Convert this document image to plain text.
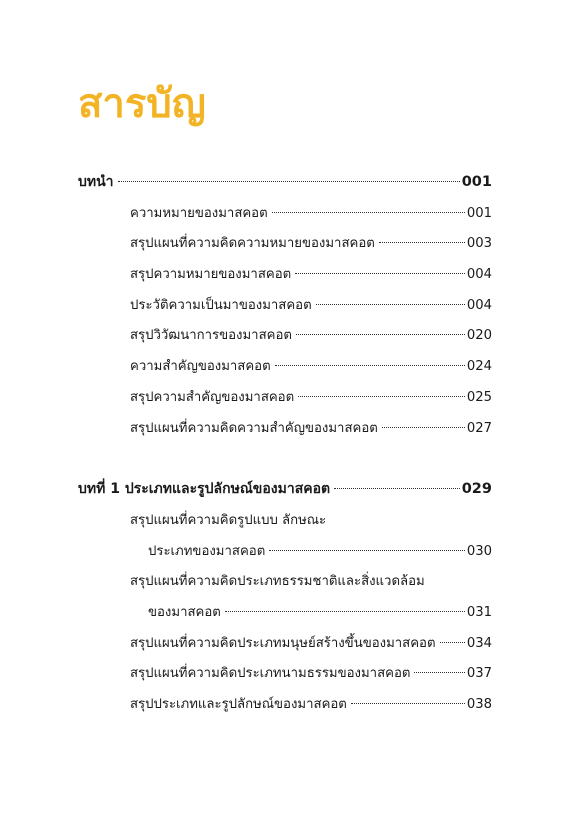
สารบัญ
บทนำ	001
ความหมายของมาสคอต	001
สรุปแผนที่ความคิดความหมายของมาสคอต	003
สรุปความหมายของมาสคอต	004
ประวัติความเป็นมาของมาสคอต	004
สรุปวิวัฒนาการของมาสคอต	020
ความสำคัญของมาสคอต	024
สรุปความสำคัญของมาสคอต	025
สรุปแผนที่ความคิดความสำคัญของมาสคอต	027
บทที่ 1 ประเภทและรูปลักษณ์ของมาสคอต	029
สรุปแผนที่ความคิดรูปแบบ ลักษณะ
ประเภทของมาสคอต	030
สรุปแผนที่ความคิดประเภทธรรมชาติและสิ่งแวดล้อม
ของมาสคอต	031
สรุปแผนที่ความคิดประเภทมนุษย์สร้างขึ้นของมาสคอต 034
สรุปแผนที่ความคิดประเภทนามธรรมของมาสคอต	037
สรุปประเภทและรูปลักษณ์ของมาสคอต	038
